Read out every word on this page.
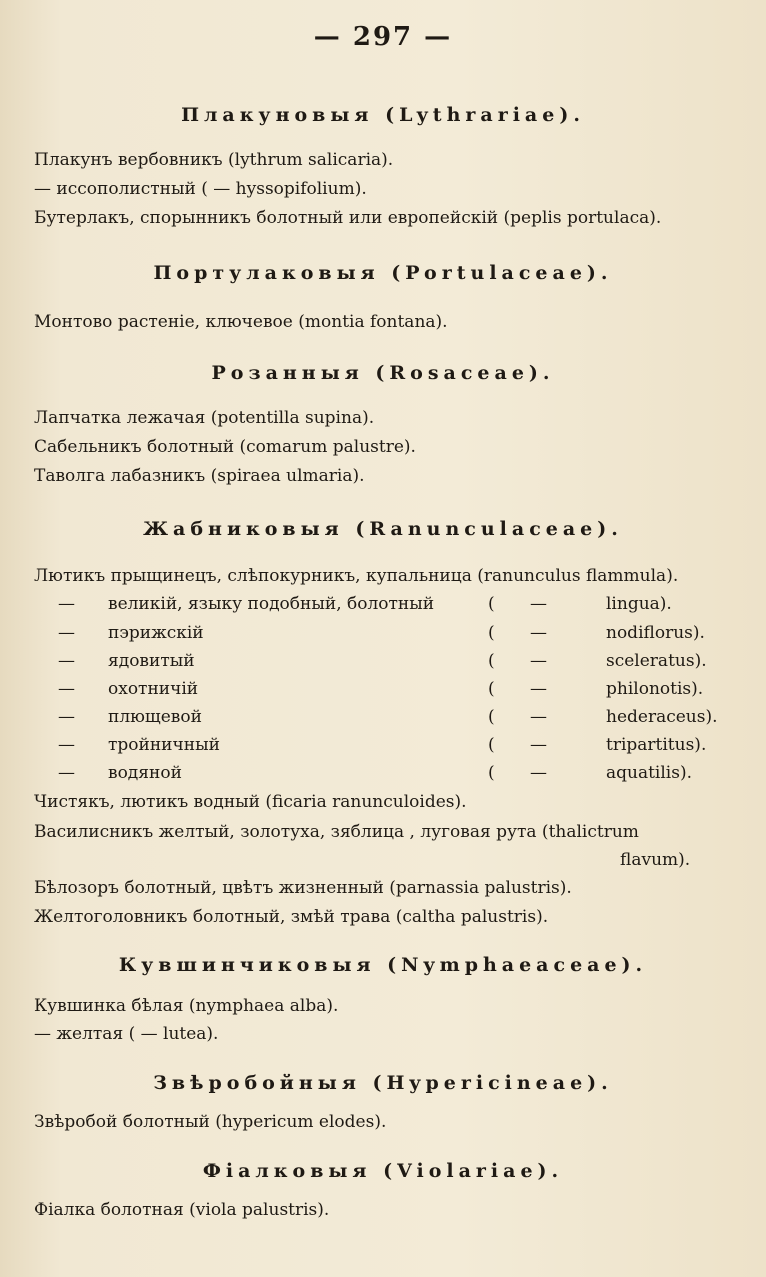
— 297 —
Плакуновыя (Lythrariae).
Плакунъ вербовникъ (lythrum salicaria).
— иссополистный ( — hyssopifolium).
Бутерлакъ, спорынникъ болотный или европейскій (peplis portulaca).
Портулаковыя (Portulaceae).
Монтово растеніе, ключевое (montia fontana).
Розанныя (Rosaceae).
Лапчатка лежачая (potentilla supina).
Сабельникъ болотный (comarum palustre).
Таволга лабазникъ (spiraea ulmaria).
Жабниковыя (Ranunculaceae).
Лютикъ прыщинецъ, слѣпокурникъ, купальница (ranunculus flammula).
— великій, языку подобный, болотный	( —	lingua).
— пэрижскій	( —	nodiflorus).
— ядовитый	( —	sceleratus).
— охотничій	( —	philonotis).
— плющевой	( —	hederaceus).
— тройничный	( —	tripartitus).
— водяной	( —	aquatilis).
Чистякъ, лютикъ водный (ficaria ranunculoides).
Василисникъ желтый, золотуха, зяблица , луговая рута (thalictrum
flavum).
Бѣлозоръ болотный, цвѣтъ жизненный (parnassia palustris).
Желтоголовникъ болотный, змѣй трава (caltha palustris).
Кувшинчиковыя (Nymphaeaceae).
Кувшинка бѣлая (nymphaea alba).
— желтая ( — lutea).
Звѣробойныя (Hypericineae).
Звѣробой болотный (hypericum elodes).
Фіалковыя (Violariae).
Фіалка болотная (viola palustris).
